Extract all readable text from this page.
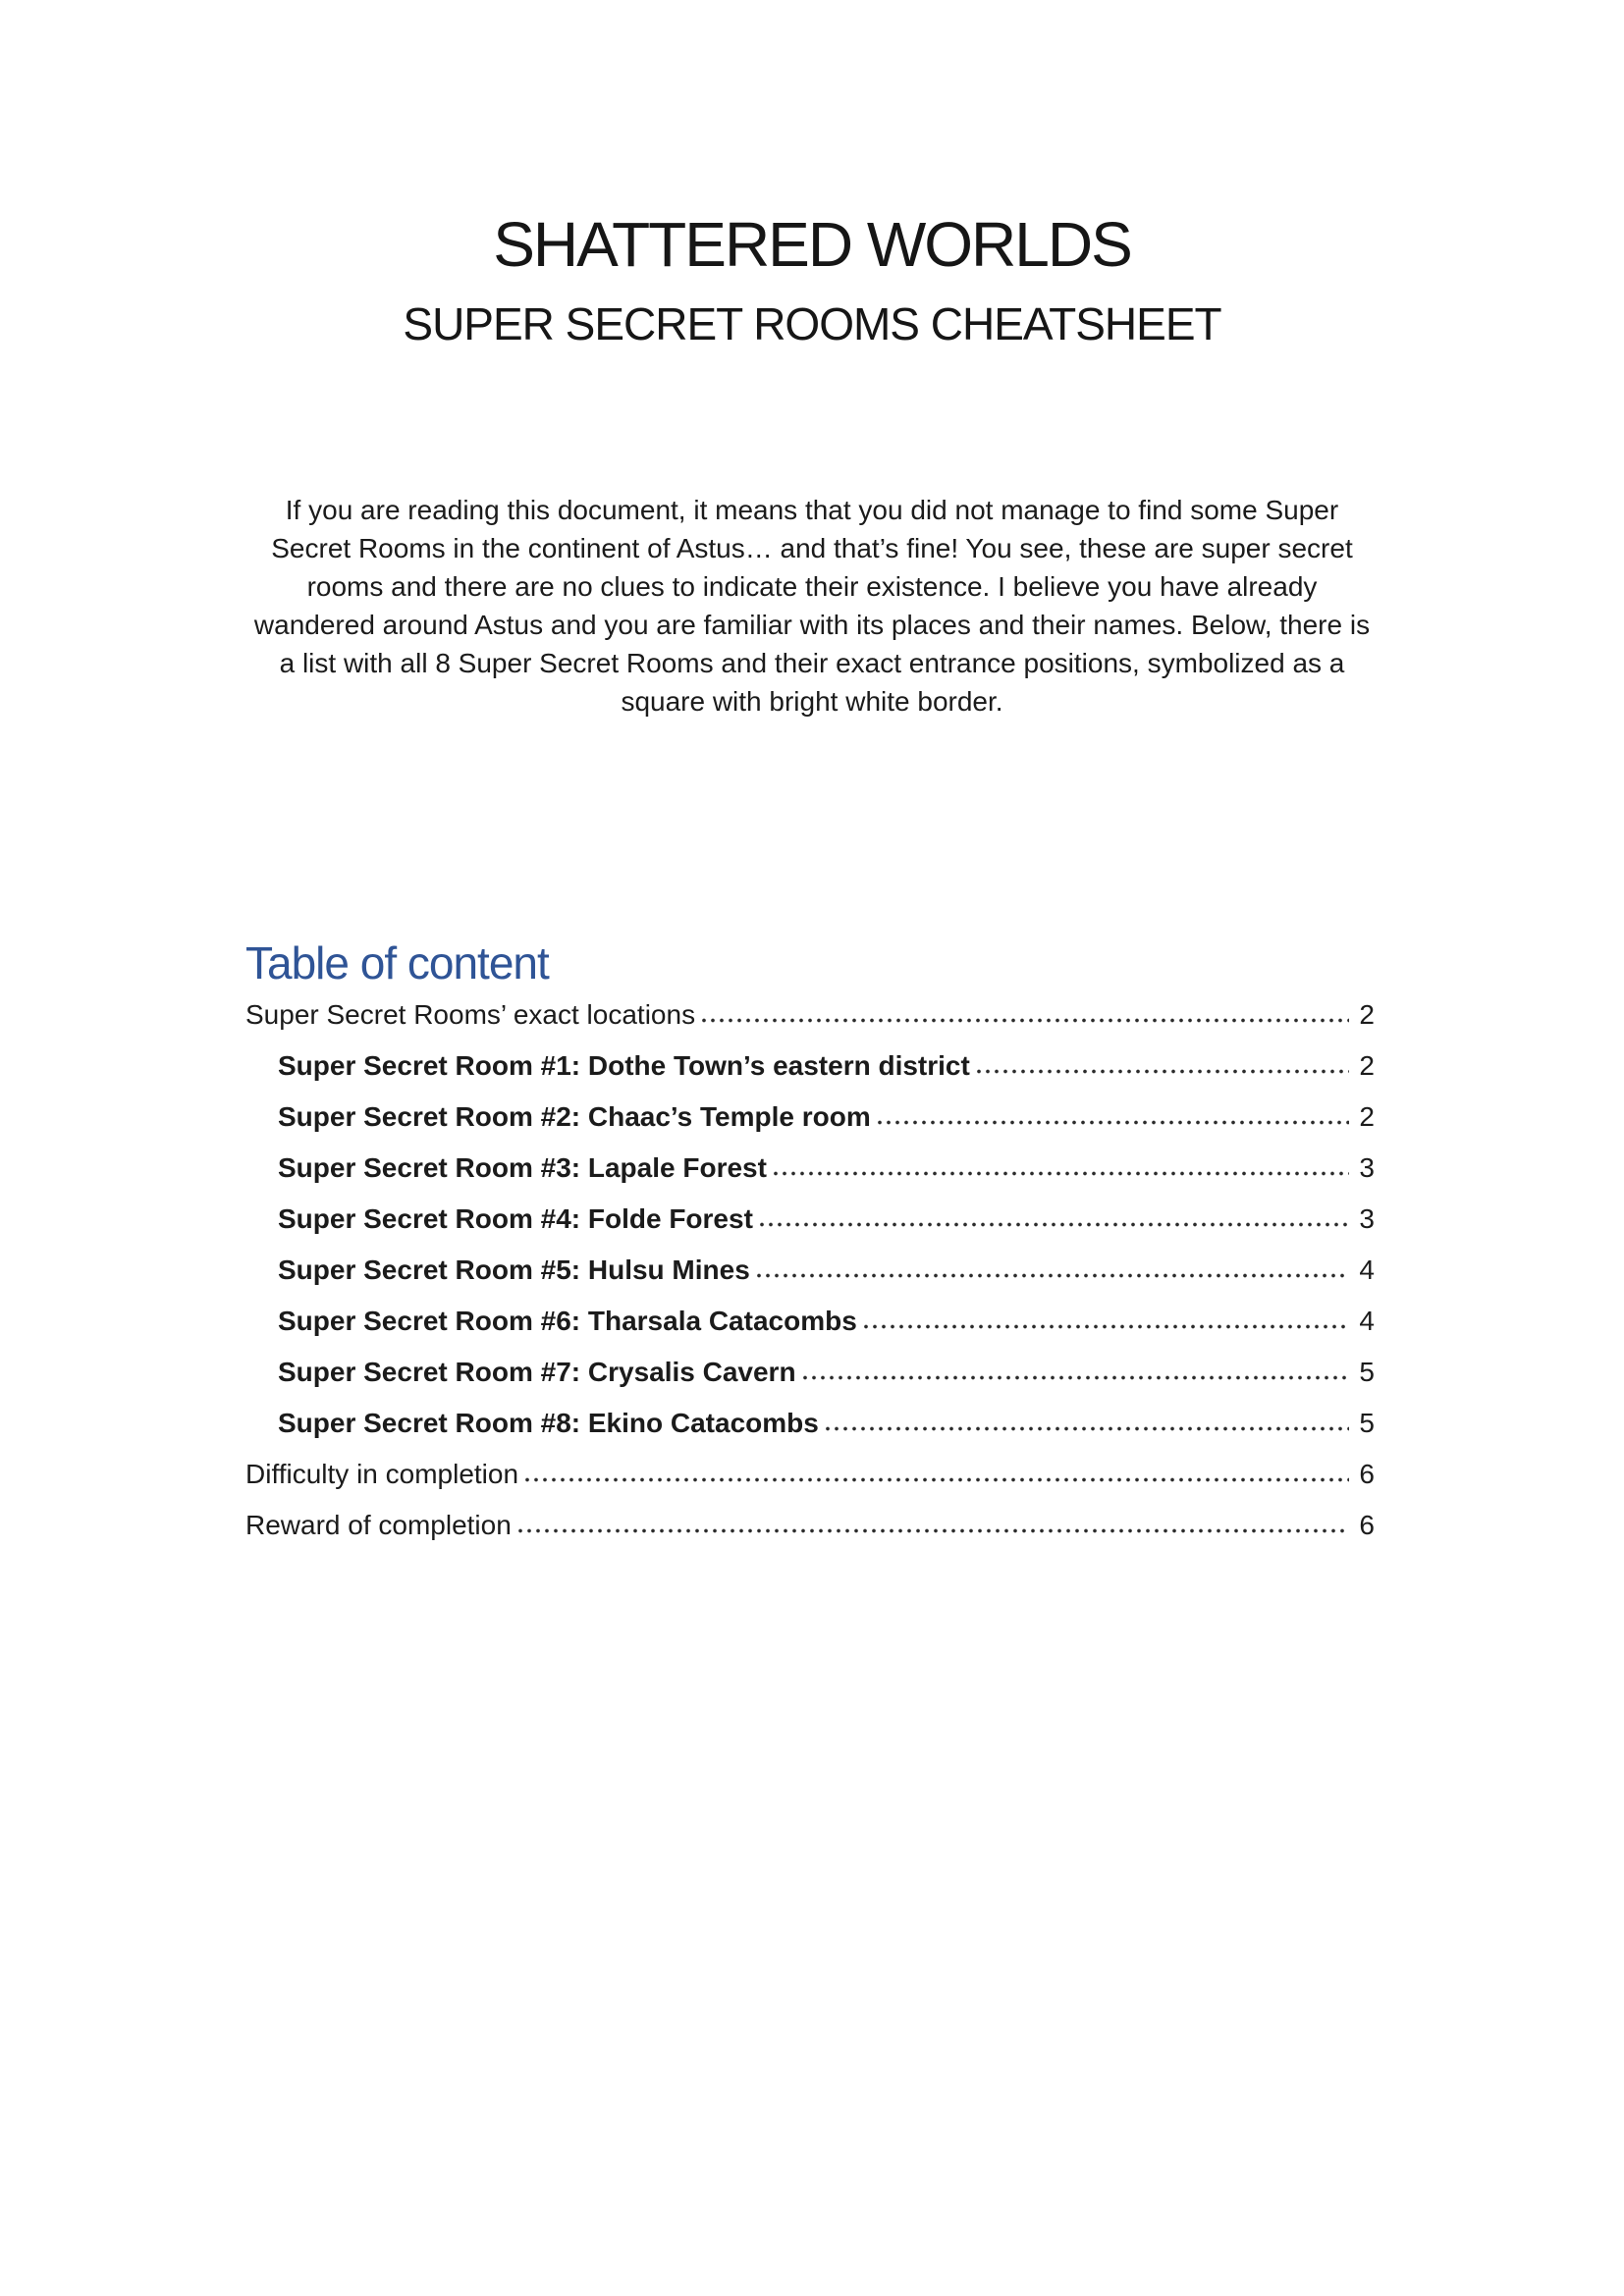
SHATTERED WORLDS
SUPER SECRET ROOMS CHEATSHEET
If you are reading this document, it means that you did not manage to find some Super
Secret Rooms in the continent of Astus… and that’s fine! You see, these are super secret
rooms and there are no clues to indicate their existence. I believe you have already
wandered around Astus and you are familiar with its places and their names. Below, there is
a list with all 8 Super Secret Rooms and their exact entrance positions, symbolized as a
square with bright white border.
Table of content
Super Secret Rooms’ exact locations	2
Super Secret Room #1: Dothe Town’s eastern district	2
Super Secret Room #2: Chaac’s Temple room	2
Super Secret Room #3: Lapale Forest	3
Super Secret Room #4: Folde Forest	3
Super Secret Room #5: Hulsu Mines	4
Super Secret Room #6: Tharsala Catacombs	4
Super Secret Room #7: Crysalis Cavern	5
Super Secret Room #8: Ekino Catacombs	5
Difficulty in completion	6
Reward of completion	6
